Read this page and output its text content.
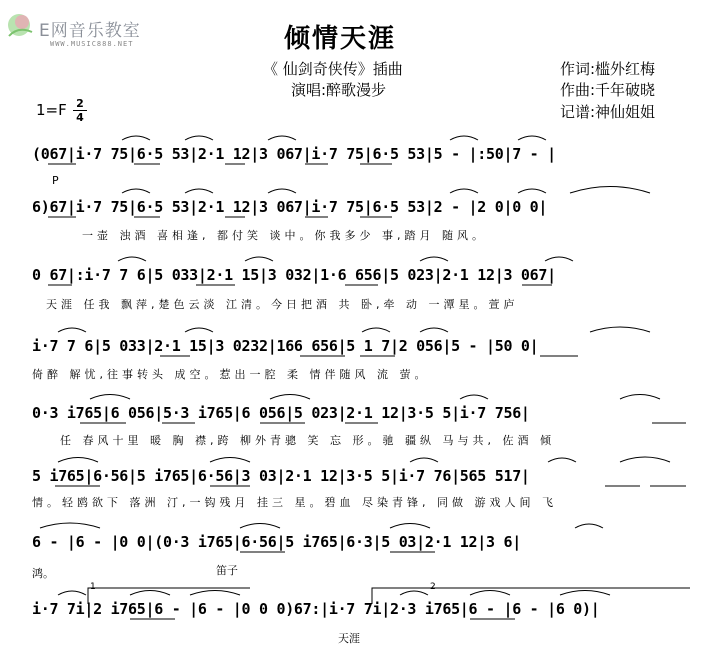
E网音乐教室
WWW.MUSIC888.NET	倾情天涯
《 仙剑奇侠传》插曲
演唱:醉歌漫步
作词:槛外红梅
作曲:千年破晓
记谱:神仙姐姐
1=F 2
4
(067|i·7 75|6·5 53|2·1 12|3 067|i·7 75|6·5 53|5 - |:50|7 - |
P
6)67|i·7 75|6·5 53|2·1 12|3 067|i·7 75|6·5 53|2 - |2 0|0 0|
一壶 浊酒 喜相逢, 都付笑 谈中。你我多少 事,踏月 随风。
0 67|:i·7 7 6|5 033|2·1 15|3 032|1·6 656|5 023|2·1 12|3 067|
天涯 任我 飘萍,楚色云淡 江清。今日把酒 共 卧,牵 动 一潭星。萱庐
i·7 7 6|5 033|2·1 15|3 0232|166 656|5 1 7|2 056|5 - |50 0|
倚醉 解忧,往事转头 成空。惹出一腔 柔 情伴随风 流 萤。
0·3 i765|6 056|5·3 i765|6 056|5 023|2·1 12|3·5 5|i·7 756|
任 春风十里 暖 胸 襟,跨 柳外青骢 笑 忘 形。驰 疆纵 马与共, 佐酒 倾
5 i765|6·56|5 i765|6·56|3 03|2·1 12|3·5 5|i·7 76|565 517|
情。轻鸥欲下 落洲 汀,一钩残月 挂三 星。碧血 尽染青锋, 同做 游戏人间 飞
6 - |6 - |0 0|(0·3 i765|6·56|5 i765|6·3|5 03|2·1 12|3 6|
鸿。	笛子
i·7 7i|2 i765|6 - |6 - |0 0 0)67:|i·7 7i|2·3 i765|6 - |6 - |6 0)|
天涯
1	2
